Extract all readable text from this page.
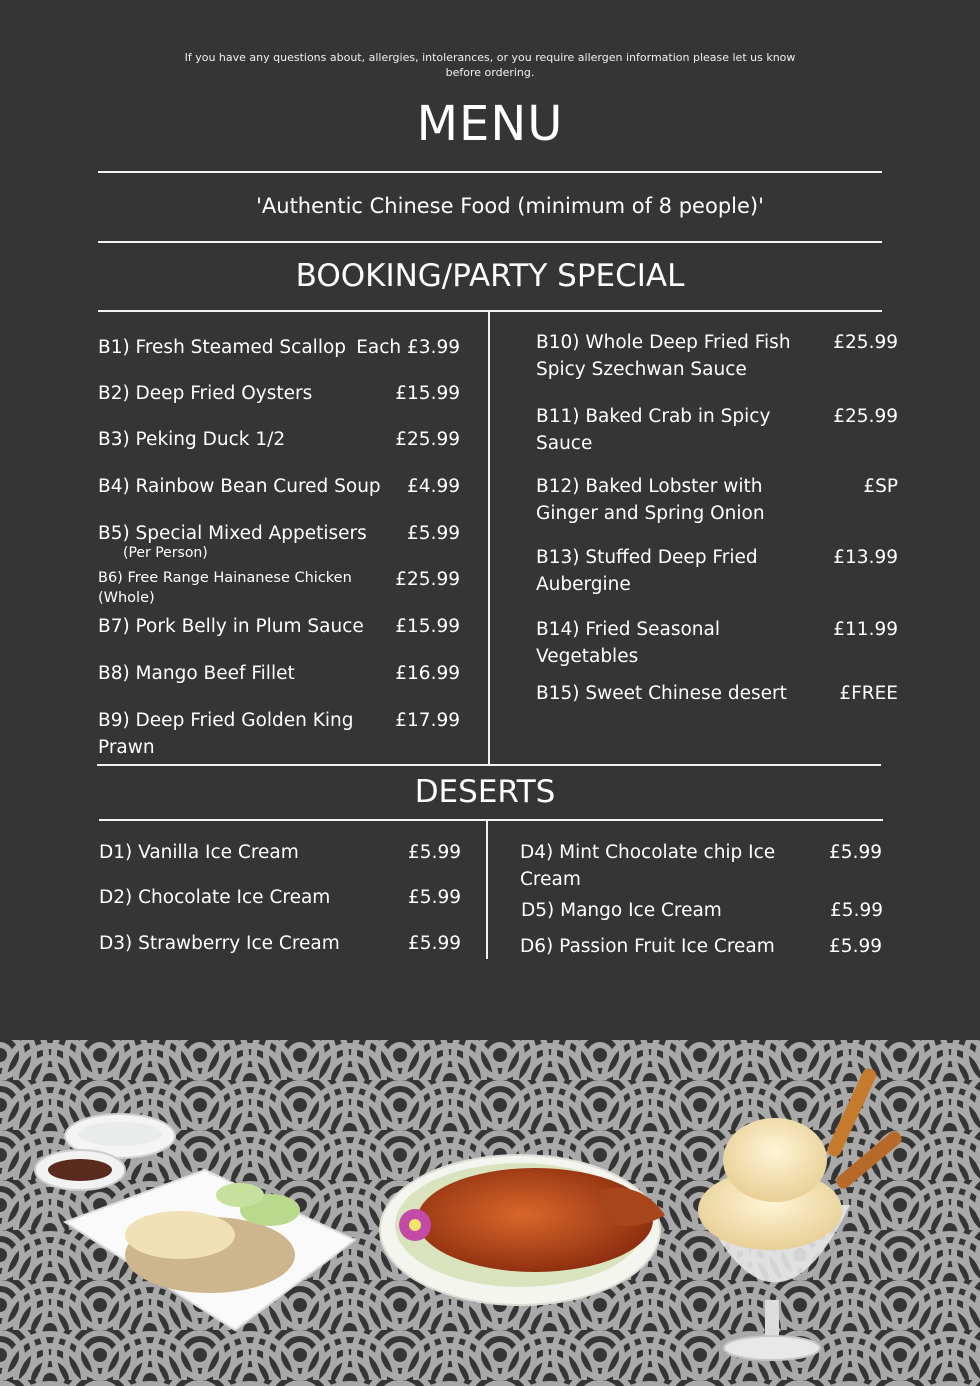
If you have any questions about, allergies, intolerances, or you require allergen information please let us know before ordering.
MENU
'Authentic Chinese Food (minimum of 8 people)'
BOOKING/PARTY SPECIAL
B1) Fresh Steamed Scallop Each £3.99
B2) Deep Fried Oysters	£15.99
B3) Peking Duck 1/2	£25.99
B4) Rainbow Bean Cured Soup	£4.99
B5) Special Mixed Appetisers	£5.99
(Per Person)
B6) Free Range Hainanese Chicken (Whole)
£25.99
B7) Pork Belly in Plum Sauce	£15.99
B8) Mango Beef Fillet	£16.99
B9) Deep Fried Golden King Prawn
£17.99
B10) Whole Deep Fried Fish Spicy Szechwan Sauce
£25.99
B11) Baked Crab in Spicy Sauce
£25.99
B12) Baked Lobster with Ginger and Spring Onion
£SP
B13) Stuffed Deep Fried Aubergine
£13.99
B14) Fried Seasonal Vegetables
£11.99
B15) Sweet Chinese desert	£FREE
DESERTS
D1) Vanilla Ice Cream	£5.99
D2) Chocolate Ice Cream	£5.99
D3) Strawberry Ice Cream	£5.99
D4) Mint Chocolate chip Ice Cream
£5.99
D5) Mango Ice Cream	£5.99
D6) Passion Fruit Ice Cream	£5.99
